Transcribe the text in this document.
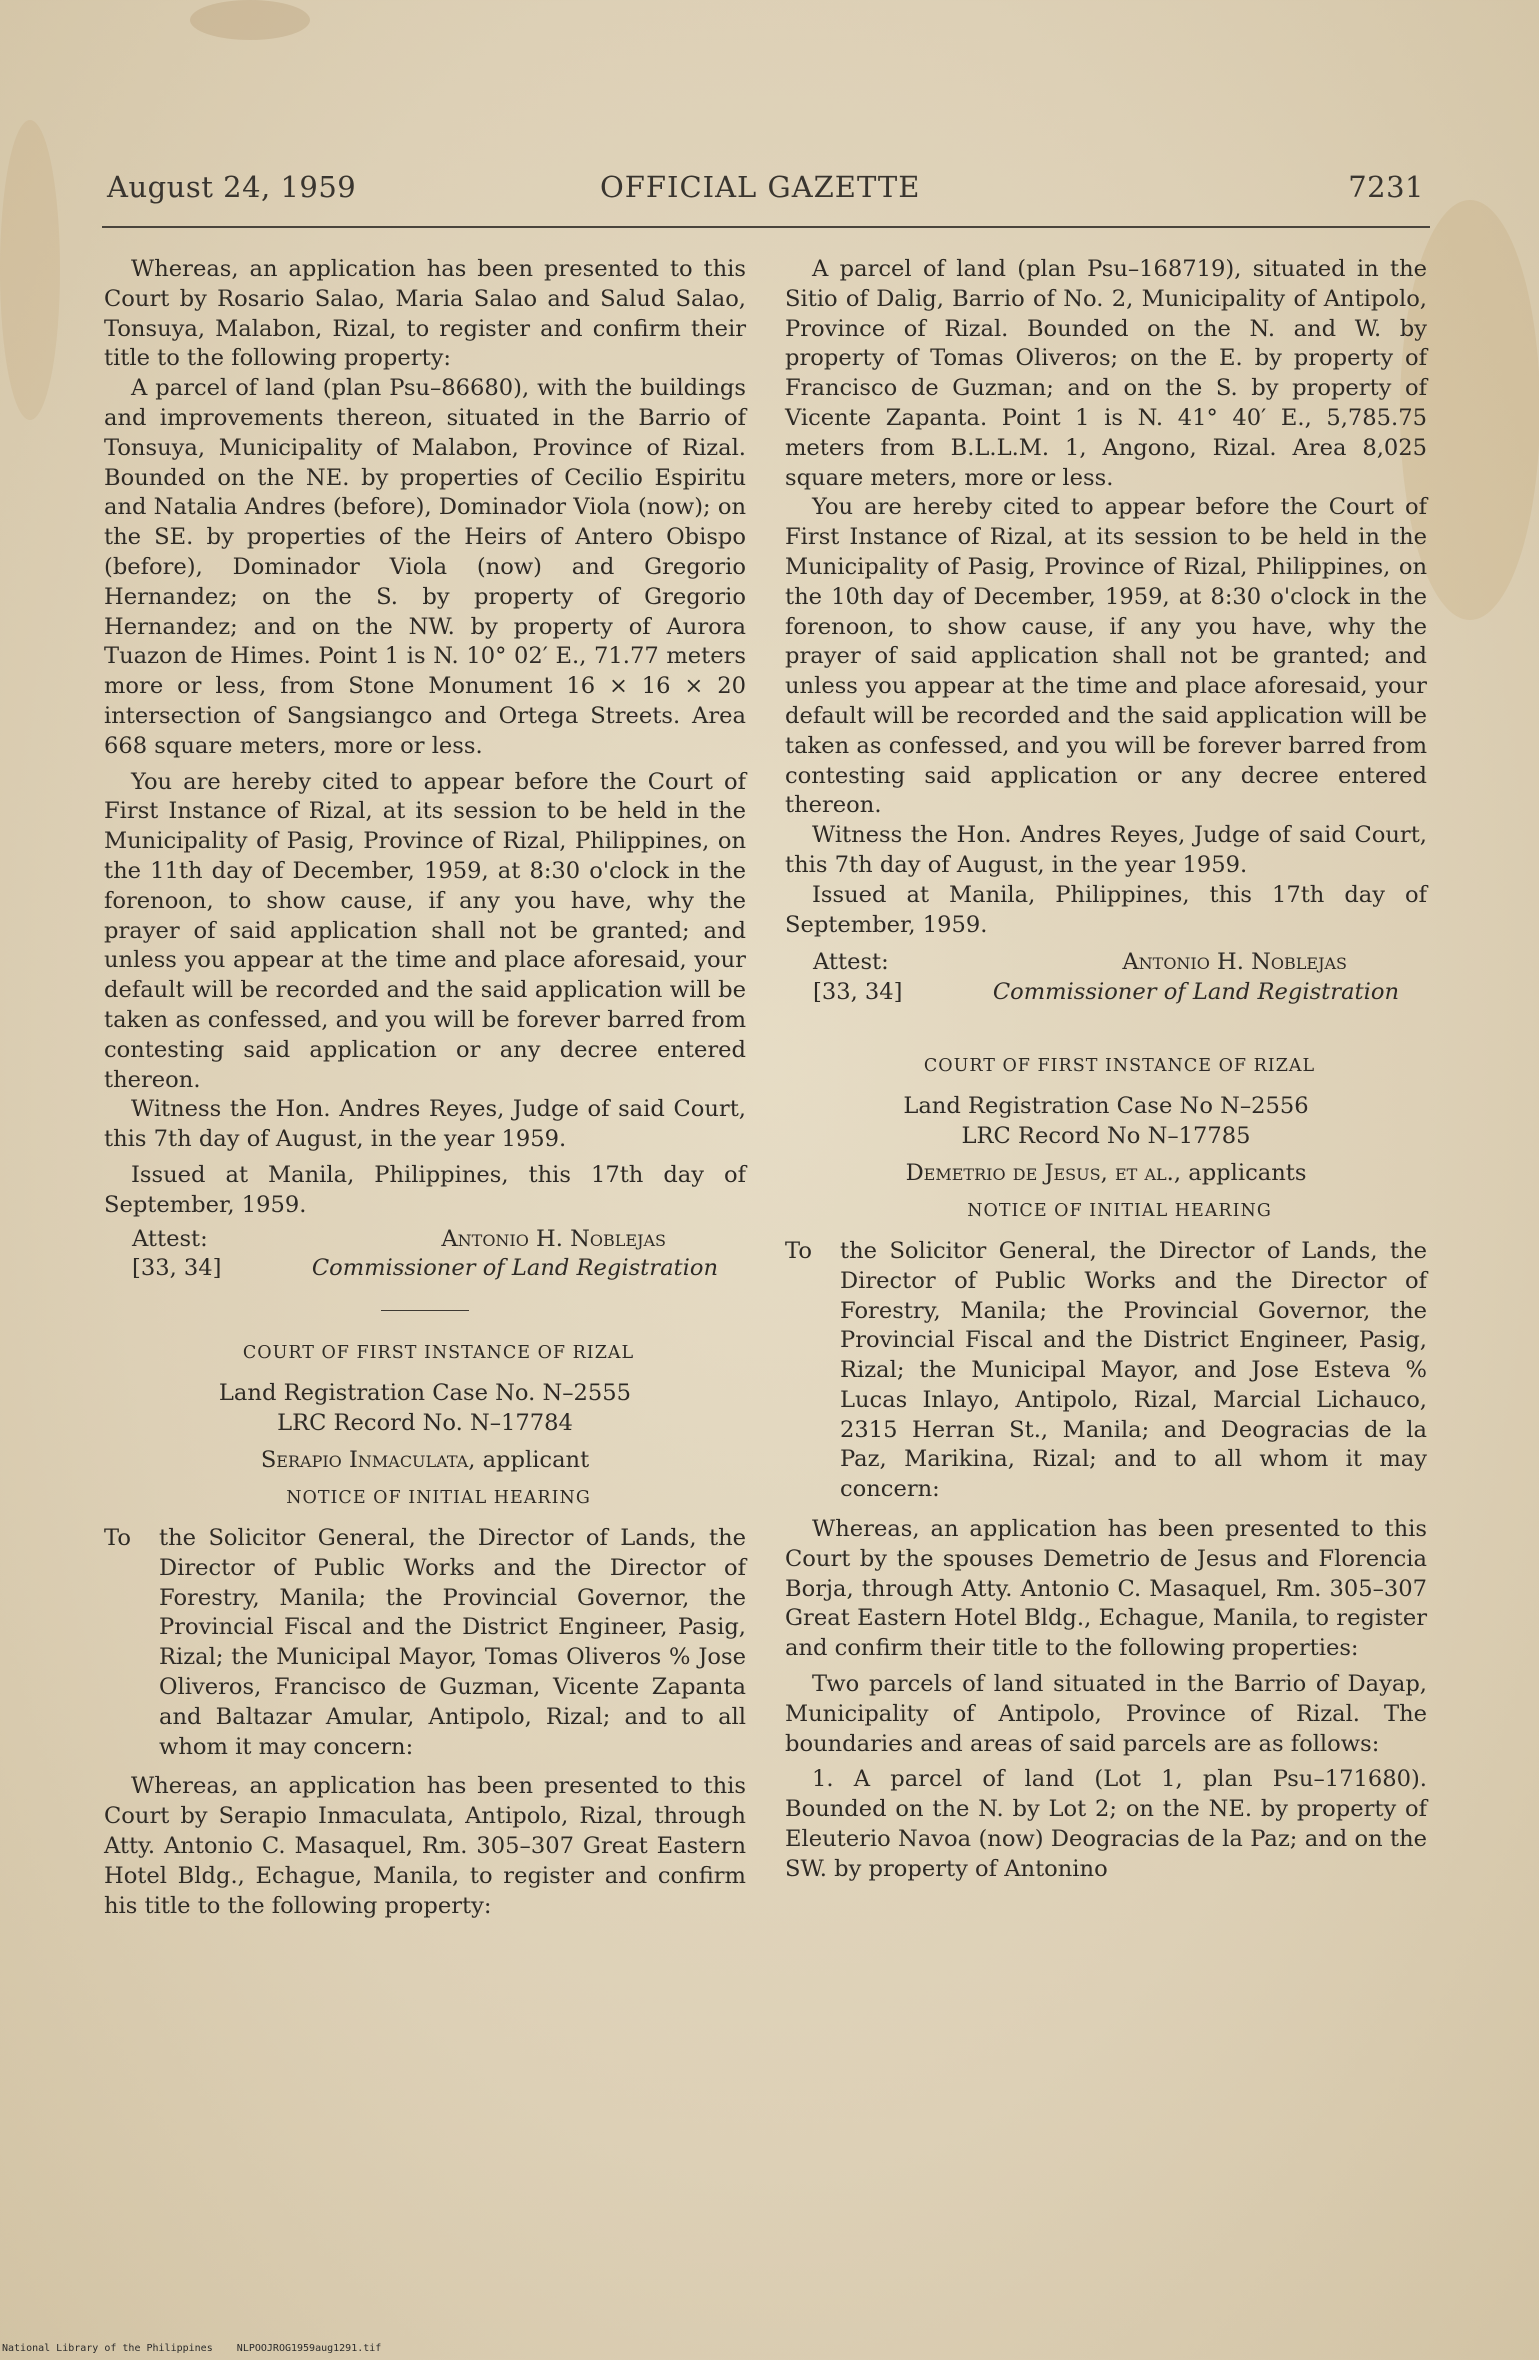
August 24, 1959	OFFICIAL GAZETTE	7231

Whereas, an application has been presented to this Court by Rosario Salao, Maria Salao and Salud Salao, Tonsuya, Malabon, Rizal, to register and confirm their title to the following property:

A parcel of land (plan Psu–86680), with the buildings and improvements thereon, situated in the Barrio of Tonsuya, Municipality of Malabon, Province of Rizal. Bounded on the NE. by properties of Cecilio Espiritu and Natalia Andres (before), Dominador Viola (now); on the SE. by properties of the Heirs of Antero Obispo (before), Dominador Viola (now) and Gregorio Hernandez; on the S. by property of Gregorio Hernandez; and on the NW. by property of Aurora Tuazon de Himes. Point 1 is N. 10° 02′ E., 71.77 meters more or less, from Stone Monument 16 × 16 × 20 intersection of Sangsiangco and Ortega Streets. Area 668 square meters, more or less.

You are hereby cited to appear before the Court of First Instance of Rizal, at its session to be held in the Municipality of Pasig, Province of Rizal, Philippines, on the 11th day of December, 1959, at 8:30 o'clock in the forenoon, to show cause, if any you have, why the prayer of said application shall not be granted; and unless you appear at the time and place aforesaid, your default will be recorded and the said application will be taken as confessed, and you will be forever barred from contesting said application or any decree entered thereon.

Witness the Hon. Andres Reyes, Judge of said Court, this 7th day of August, in the year 1959.

Issued at Manila, Philippines, this 17th day of September, 1959.

Attest:	Antonio H. Noblejas
[33, 34]	Commissioner of Land Registration

COURT OF FIRST INSTANCE OF RIZAL

Land Registration Case No. N–2555

LRC Record No. N–17784

Serapio Inmaculata, applicant

NOTICE OF INITIAL HEARING

To the Solicitor General, the Director of Lands, the Director of Public Works and the Director of Forestry, Manila; the Provincial Governor, the Provincial Fiscal and the District Engineer, Pasig, Rizal; the Municipal Mayor, Tomas Oliveros % Jose Oliveros, Francisco de Guzman, Vicente Zapanta and Baltazar Amular, Antipolo, Rizal; and to all whom it may concern:

Whereas, an application has been presented to this Court by Serapio Inmaculata, Antipolo, Rizal, through Atty. Antonio C. Masaquel, Rm. 305–307 Great Eastern Hotel Bldg., Echague, Manila, to register and confirm his title to the following property:

A parcel of land (plan Psu–168719), situated in the Sitio of Dalig, Barrio of No. 2, Municipality of Antipolo, Province of Rizal. Bounded on the N. and W. by property of Tomas Oliveros; on the E. by property of Francisco de Guzman; and on the S. by property of Vicente Zapanta. Point 1 is N. 41° 40′ E., 5,785.75 meters from B.L.L.M. 1, Angono, Rizal. Area 8,025 square meters, more or less.

You are hereby cited to appear before the Court of First Instance of Rizal, at its session to be held in the Municipality of Pasig, Province of Rizal, Philippines, on the 10th day of December, 1959, at 8:30 o'clock in the forenoon, to show cause, if any you have, why the prayer of said application shall not be granted; and unless you appear at the time and place aforesaid, your default will be recorded and the said application will be taken as confessed, and you will be forever barred from contesting said application or any decree entered thereon.

Witness the Hon. Andres Reyes, Judge of said Court, this 7th day of August, in the year 1959.

Issued at Manila, Philippines, this 17th day of September, 1959.

Attest:	Antonio H. Noblejas
[33, 34]	Commissioner of Land Registration

COURT OF FIRST INSTANCE OF RIZAL

Land Registration Case No N–2556

LRC Record No N–17785

Demetrio de Jesus, et al., applicants

NOTICE OF INITIAL HEARING

To the Solicitor General, the Director of Lands, the Director of Public Works and the Director of Forestry, Manila; the Provincial Governor, the Provincial Fiscal and the District Engineer, Pasig, Rizal; the Municipal Mayor, and Jose Esteva % Lucas Inlayo, Antipolo, Rizal, Marcial Lichauco, 2315 Herran St., Manila; and Deogracias de la Paz, Marikina, Rizal; and to all whom it may concern:

Whereas, an application has been presented to this Court by the spouses Demetrio de Jesus and Florencia Borja, through Atty. Antonio C. Masaquel, Rm. 305–307 Great Eastern Hotel Bldg., Echague, Manila, to register and confirm their title to the following properties:

Two parcels of land situated in the Barrio of Dayap, Municipality of Antipolo, Province of Rizal. The boundaries and areas of said parcels are as follows:

1. A parcel of land (Lot 1, plan Psu–171680). Bounded on the N. by Lot 2; on the NE. by property of Eleuterio Navoa (now) Deogracias de la Paz; and on the SW. by property of Antonino

National Library of the Philippines    NLPOOJROG1959aug1291.tif
